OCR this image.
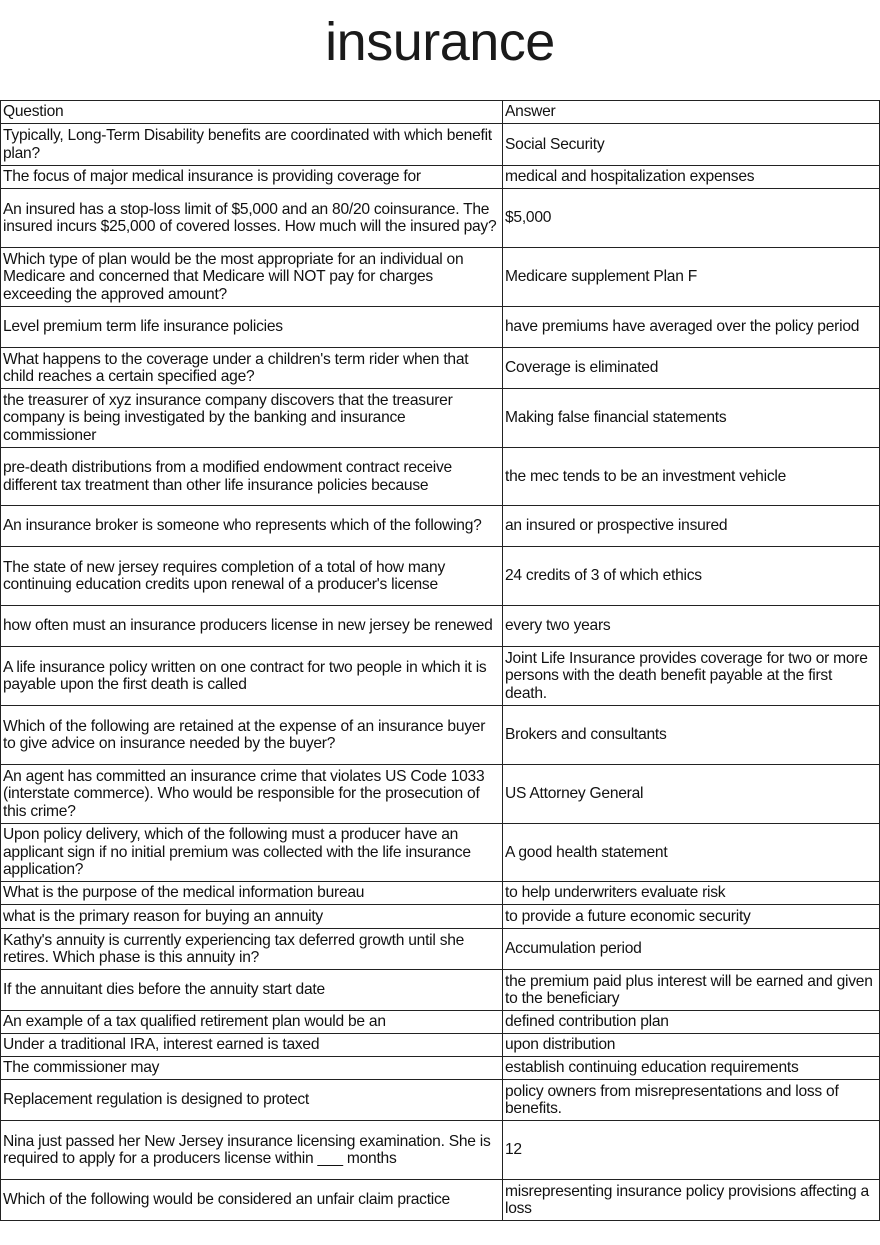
insurance
Question	Answer
Typically, Long-Term Disability benefits are coordinated with which benefit plan?	Social Security
The focus of major medical insurance is providing coverage for	medical and hospitalization expenses
An insured has a stop-loss limit of $5,000 and an 80/20 coinsurance. The insured incurs $25,000 of covered losses. How much will the insured pay?	$5,000
Which type of plan would be the most appropriate for an individual on Medicare and concerned that Medicare will NOT pay for charges exceeding the approved amount?	Medicare supplement Plan F
Level premium term life insurance policies	have premiums have averaged over the policy period
What happens to the coverage under a children's term rider when that child reaches a certain specified age?	Coverage is eliminated
the treasurer of xyz insurance company discovers that the treasurer company is being investigated by the banking and insurance commissioner	Making false financial statements
pre-death distributions from a modified endowment contract receive different tax treatment than other life insurance policies because	the mec tends to be an investment vehicle
An insurance broker is someone who represents which of the following?	an insured or prospective insured
The state of new jersey requires completion of a total of how many continuing education credits upon renewal of a producer's license	24 credits of 3 of which ethics
how often must an insurance producers license in new jersey be renewed	every two years
A life insurance policy written on one contract for two people in which it is payable upon the first death is called	Joint Life Insurance provides coverage for two or more persons with the death benefit payable at the first death.
Which of the following are retained at the expense of an insurance buyer to give advice on insurance needed by the buyer?	Brokers and consultants
An agent has committed an insurance crime that violates US Code 1033 (interstate commerce). Who would be responsible for the prosecution of this crime?	US Attorney General
Upon policy delivery, which of the following must a producer have an applicant sign if no initial premium was collected with the life insurance application?	A good health statement
What is the purpose of the medical information bureau	to help underwriters evaluate risk
what is the primary reason for buying an annuity	to provide a future economic security
Kathy's annuity is currently experiencing tax deferred growth until she retires. Which phase is this annuity in?	Accumulation period
If the annuitant dies before the annuity start date	the premium paid plus interest will be earned and given to the beneficiary
An example of a tax qualified retirement plan would be an	defined contribution plan
Under a traditional IRA, interest earned is taxed	upon distribution
The commissioner may	establish continuing education requirements
Replacement regulation is designed to protect	policy owners from misrepresentations and loss of benefits.
Nina just passed her New Jersey insurance licensing examination. She is required to apply for a producers license within ___ months	12
Which of the following would be considered an unfair claim practice	misrepresenting insurance policy provisions affecting a loss
